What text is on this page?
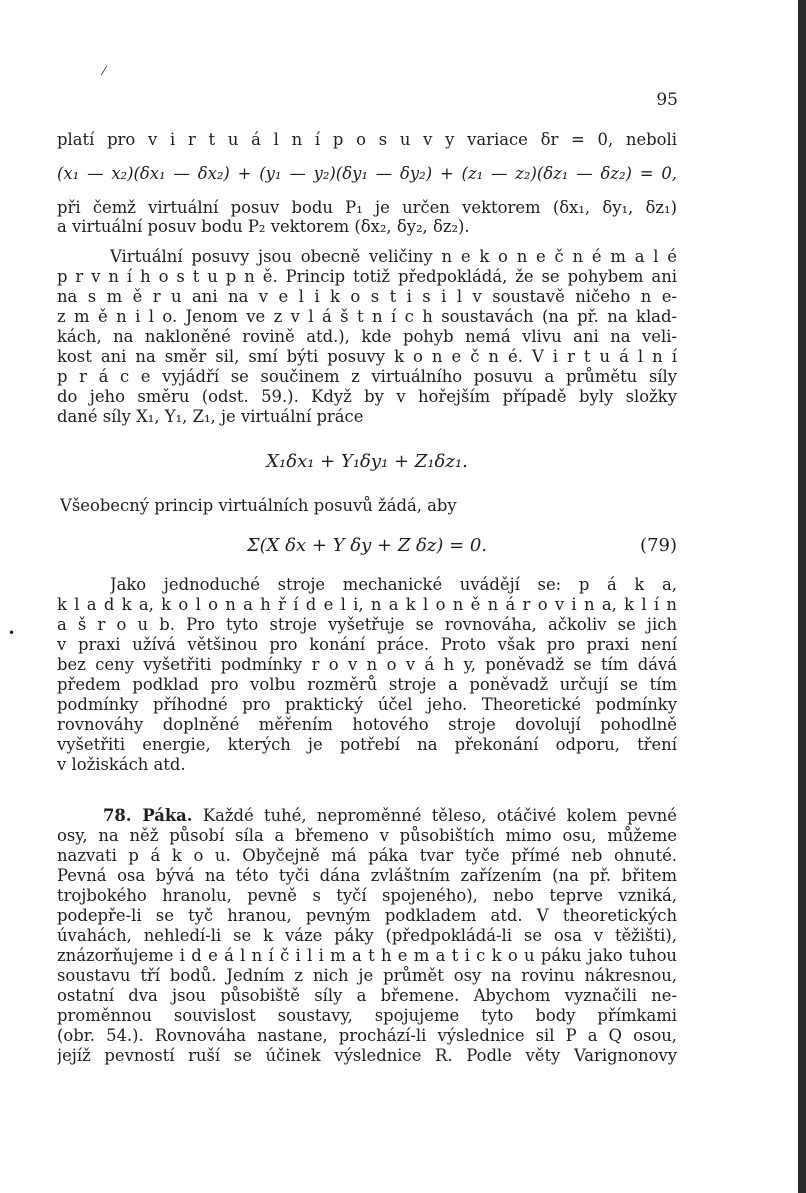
⁄
•
95
platí pro v i r t u á l n í p o s u v y variace δr = 0, neboli
(x₁ — x₂)(δx₁ — δx₂) + (y₁ — y₂)(δy₁ — δy₂) + (z₁ — z₂)(δz₁ — δz₂) = 0,
při čemž virtuální posuv bodu P₁ je určen vektorem (δx₁, δy₁, δz₁)
a virtuální posuv bodu P₂ vektorem (δx₂, δy₂, δz₂).
Virtuální posuvy jsou obecně veličiny n e k o n e č n é m a l é
p r v n í h o s t u p n ě. Princip totiž předpokládá, že se pohybem ani
na s m ě r u ani na v e l i k o s t i s i l v soustavě ničeho n e-
z m ě n i l o. Jenom ve z v l á š t n í c h soustavách (na př. na klad-
kách, na nakloněné rovině atd.), kde pohyb nemá vlivu ani na veli-
kost ani na směr sil, smí býti posuvy k o n e č n é. V i r t u á l n í
p r á c e vyjádří se součinem z virtuálního posuvu a průmětu síly
do jeho směru (odst. 59.). Když by v hořejším případě byly složky
dané síly X₁, Y₁, Z₁, je virtuální práce
X₁δx₁ + Y₁δy₁ + Z₁δz₁.
Všeobecný princip virtuálních posuvů žádá, aby
Σ(X δx + Y δy + Z δz) = 0.	(79)
Jako jednoduché stroje mechanické uvádějí se: p á k a,
k l a d k a, k o l o n a h ř í d e l i, n a k l o n ě n á r o v i n a, k l í n
a š r o u b. Pro tyto stroje vyšetřuje se rovnováha, ačkoliv se jich
v praxi užívá většinou pro konání práce. Proto však pro praxi není
bez ceny vyšetřiti podmínky r o v n o v á h y, poněvadž se tím dává
předem podklad pro volbu rozměrů stroje a poněvadž určují se tím
podmínky příhodné pro praktický účel jeho. Theoretické podmínky
rovnováhy doplněné měřením hotového stroje dovolují pohodlně
vyšetřiti energie, kterých je potřebí na překonání odporu, tření
v ložiskách atd.
78. Páka. Každé tuhé, neproměnné těleso, otáčivé kolem pevné
osy, na něž působí síla a břemeno v působištích mimo osu, můžeme
nazvati p á k o u. Obyčejně má páka tvar tyče přímé neb ohnuté.
Pevná osa bývá na této tyči dána zvláštním zařízením (na př. břitem
trojbokého hranolu, pevně s tyčí spojeného), nebo teprve vzniká,
podepře-li se tyč hranou, pevným podkladem atd. V theoretických
úvahách, nehledí-li se k váze páky (předpokládá-li se osa v těžišti),
znázorňujeme i d e á l n í č i l i m a t h e m a t i c k o u páku jako tuhou
soustavu tří bodů. Jedním z nich je průmět osy na rovinu nákresnou,
ostatní dva jsou působiště síly a břemene. Abychom vyznačili ne-
proměnnou souvislost soustavy, spojujeme tyto body přímkami
(obr. 54.). Rovnováha nastane, prochází-li výslednice sil P a Q osou,
jejíž pevností ruší se účinek výslednice R. Podle věty Varignonovy
